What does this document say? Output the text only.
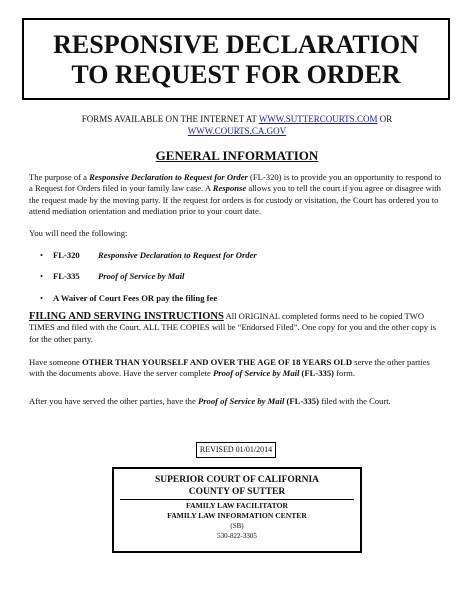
RESPONSIVE DECLARATION
TO REQUEST FOR ORDER
FORMS AVAILABLE ON THE INTERNET AT WWW.SUTTERCOURTS.COM OR
WWW.COURTS.CA.GOV
GENERAL INFORMATION
The purpose of a Responsive Declaration to Request for Order (FL-320) is to provide you an opportunity to respond to a Request for Orders filed in your family law case. A Response allows you to tell the court if you agree or disagree with the request made by the moving party. If the request for orders is for custody or visitation, the Court has ordered you to attend mediation orientation and mediation prior to your court date.
You will need the following:
• FL-320 Responsive Declaration to Request for Order
• FL-335 Proof of Service by Mail
• A Waiver of Court Fees OR pay the filing fee
FILING AND SERVING INSTRUCTIONS All ORIGINAL completed forms need to be copied TWO TIMES and filed with the Court. ALL THE COPIES will be “Endorsed Filed”. One copy for you and the other copy is for the other party.
Have someone OTHER THAN YOURSELF AND OVER THE AGE OF 18 YEARS OLD serve the other parties with the documents above. Have the server complete Proof of Service by Mail (FL-335) form.
After you have served the other parties, have the Proof of Service by Mail (FL-335) filed with the Court.
REVISED 01/01/2014
SUPERIOR COURT OF CALIFORNIA
COUNTY OF SUTTER
FAMILY LAW FACILITATOR
FAMILY LAW INFORMATION CENTER
(SB)
530-822-3305
